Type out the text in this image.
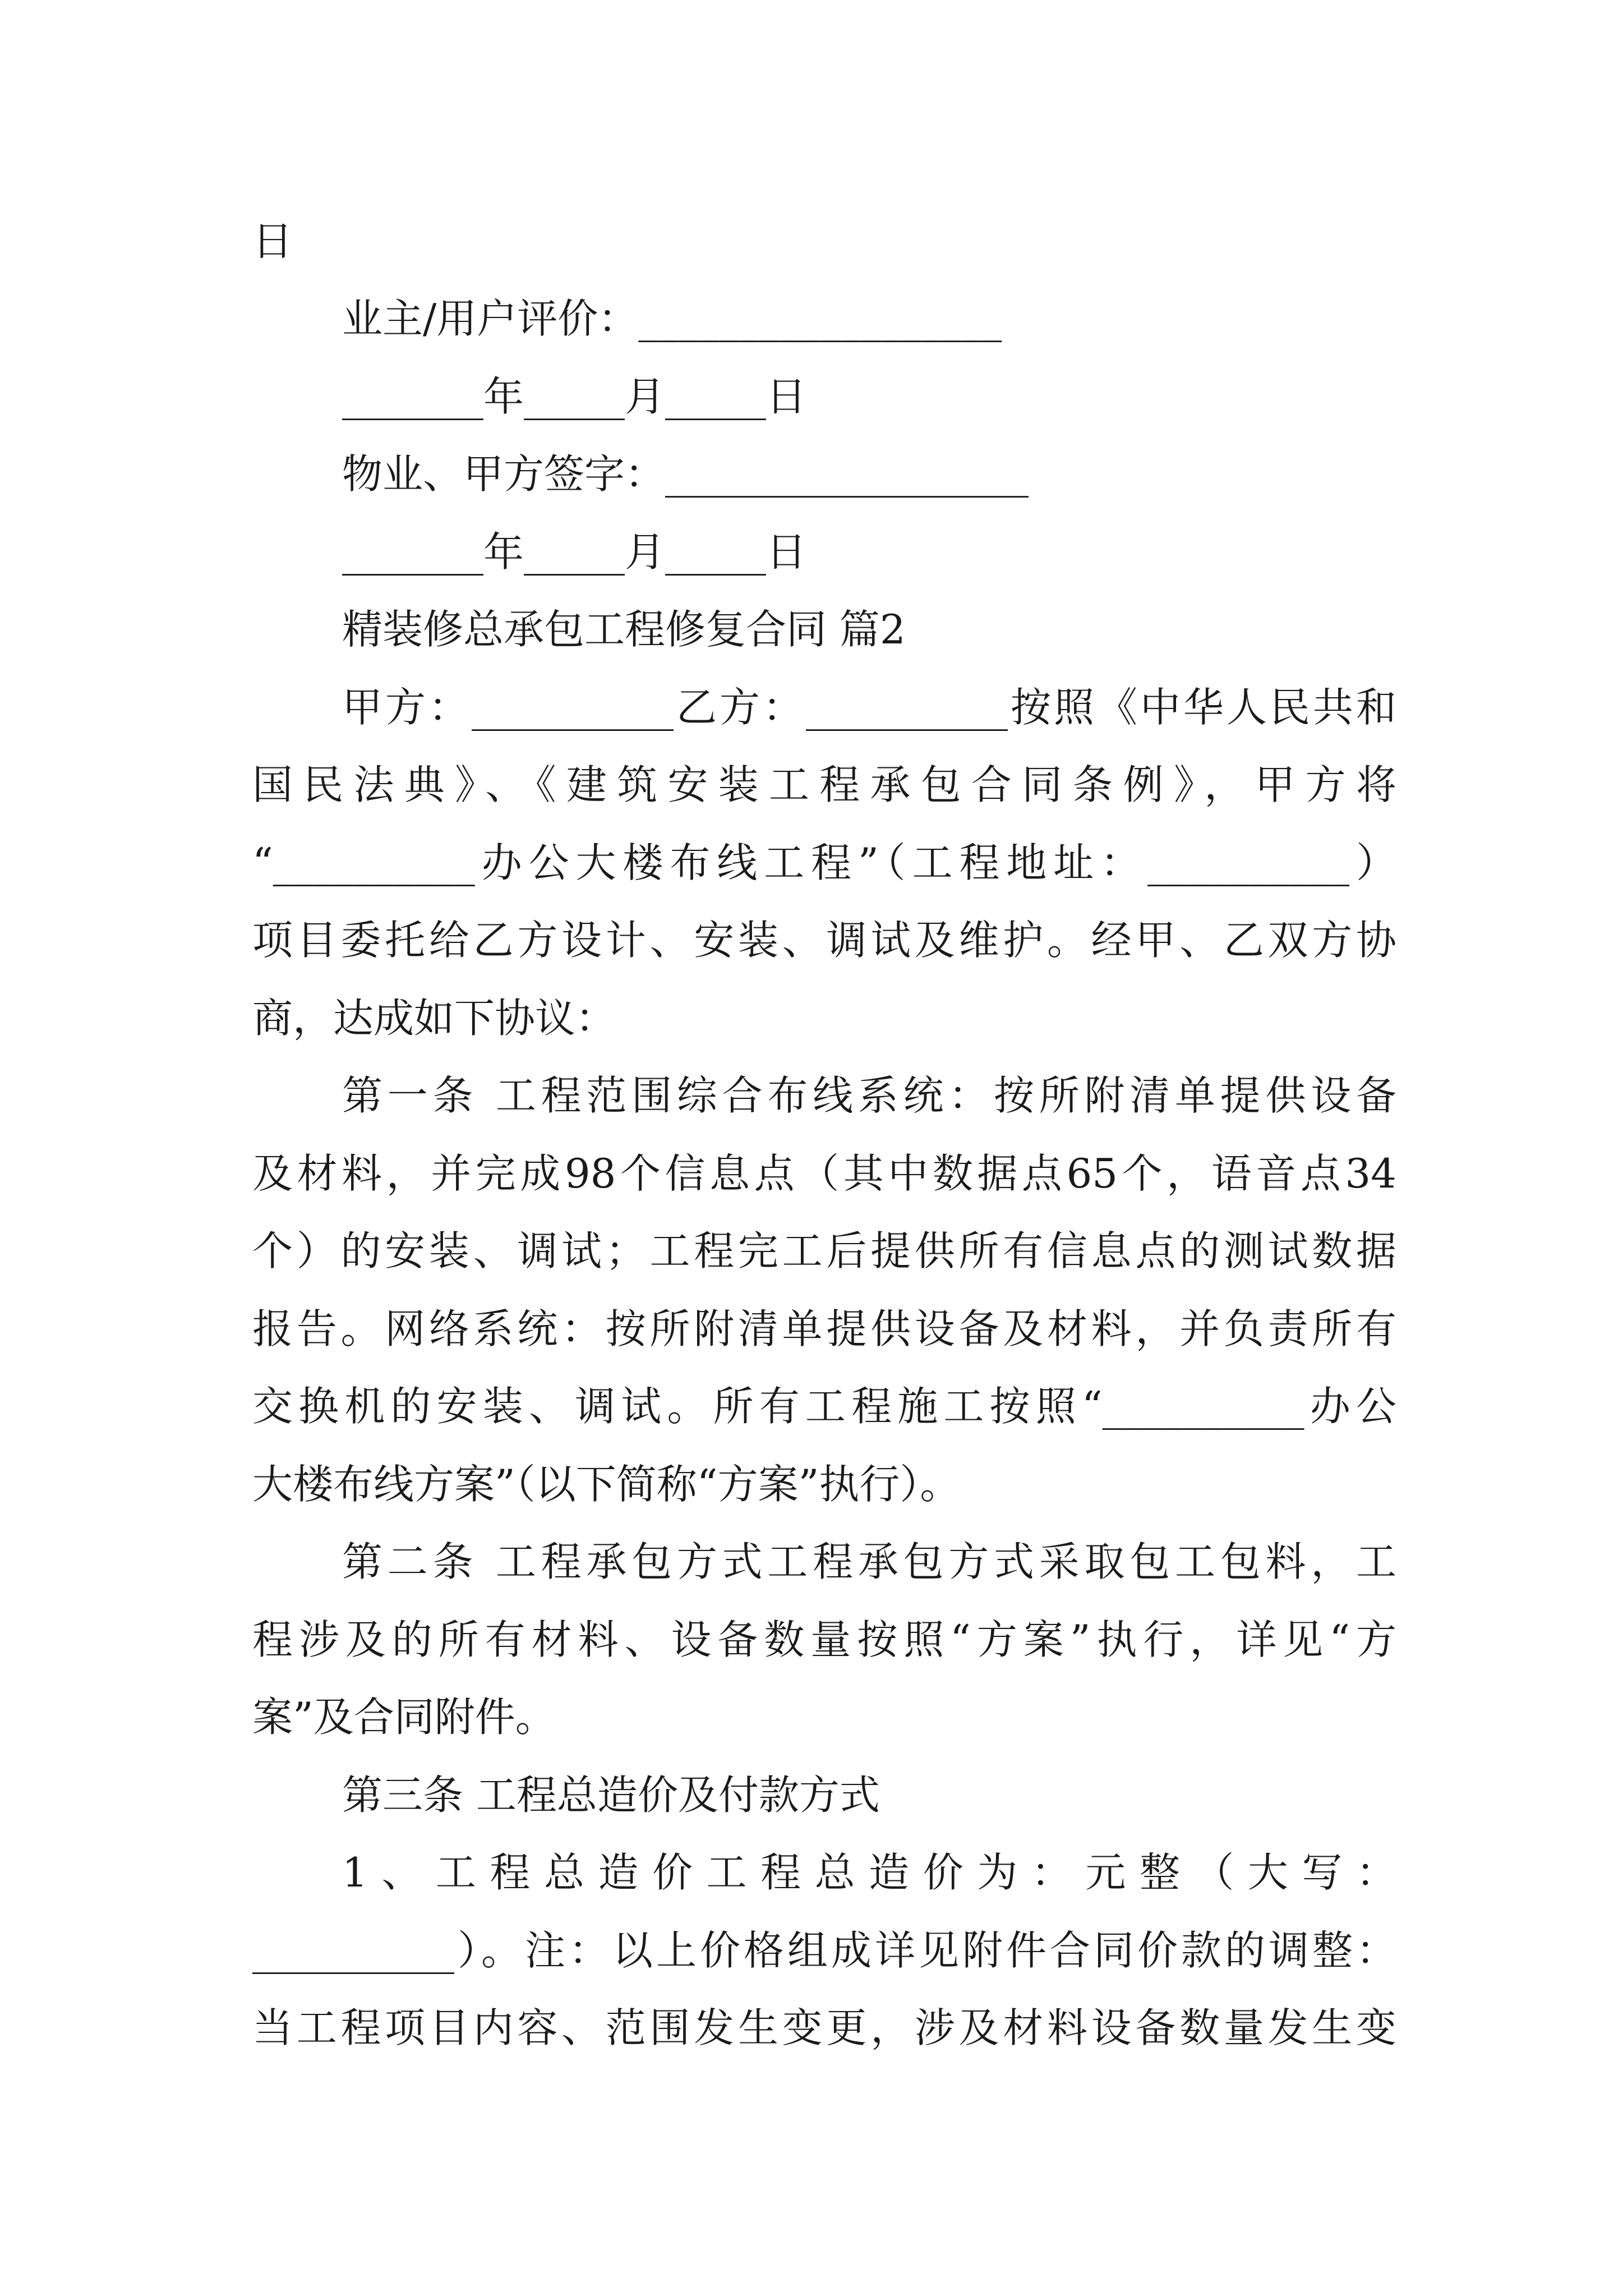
日
业主/用户评价：__________________
_______年_____月_____日
物业、甲方签字：__________________
_______年_____月_____日
精装修总承包工程修复合同 篇2
甲方：__________乙方：__________按照《中华人民共和
国民法典》、《建筑安装工程承包合同条例》，甲方将
“__________办公大楼布线工程”（工程地址：__________）
项目委托给乙方设计、安装、调试及维护。经甲、乙双方协
商，达成如下协议：
第一条 工程范围综合布线系统：按所附清单提供设备
及材料，并完成98个信息点（其中数据点65个，语音点34
个）的安装、调试；工程完工后提供所有信息点的测试数据
报告。网络系统：按所附清单提供设备及材料，并负责所有
交换机的安装、调试。所有工程施工按照“__________办公
大楼布线方案”（以下简称“方案”执行）。
第二条 工程承包方式工程承包方式采取包工包料，工
程涉及的所有材料、设备数量按照“方案”执行，详见“方
案”及合同附件。
第三条 工程总造价及付款方式
1、工程总造价工程总造价为：元整（大写：
__________）。注：以上价格组成详见附件合同价款的调整：
当工程项目内容、范围发生变更，涉及材料设备数量发生变
